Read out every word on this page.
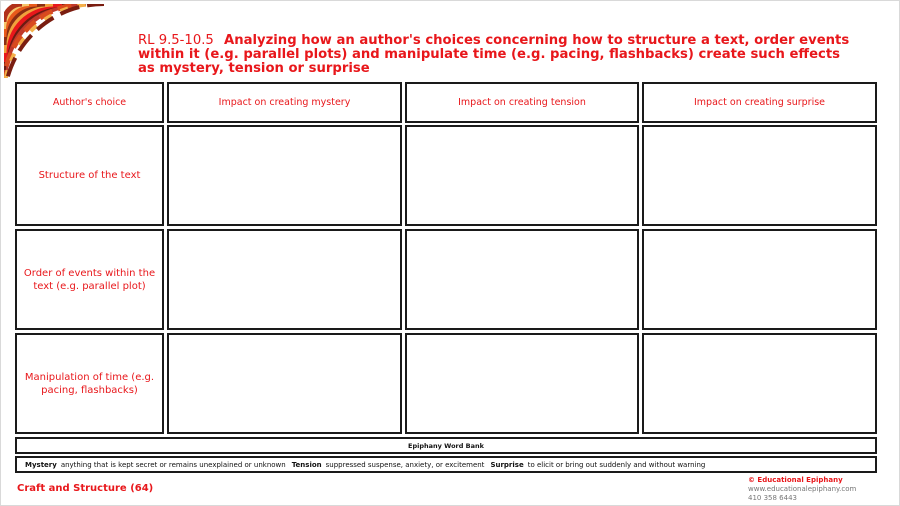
RL 9.5-10.5 Analyzing how an author's choices concerning how to structure a text, order events within it (e.g. parallel plots) and manipulate time (e.g. pacing, flashbacks) create such effects as mystery, tension or surprise
Author's choice	Impact on creating mystery	Impact on creating tension	Impact on creating surprise
Structure of the text
Order of events within the text (e.g. parallel plot)
Manipulation of time (e.g. pacing, flashbacks)
Epiphany Word Bank
Mystery anything that is kept secret or remains unexplained or unknown Tension suppressed suspense, anxiety, or excitement Surprise to elicit or bring out suddenly and without warning
Craft and Structure (64)
© Educational Epiphany
www.educationalepiphany.com
410 358 6443
